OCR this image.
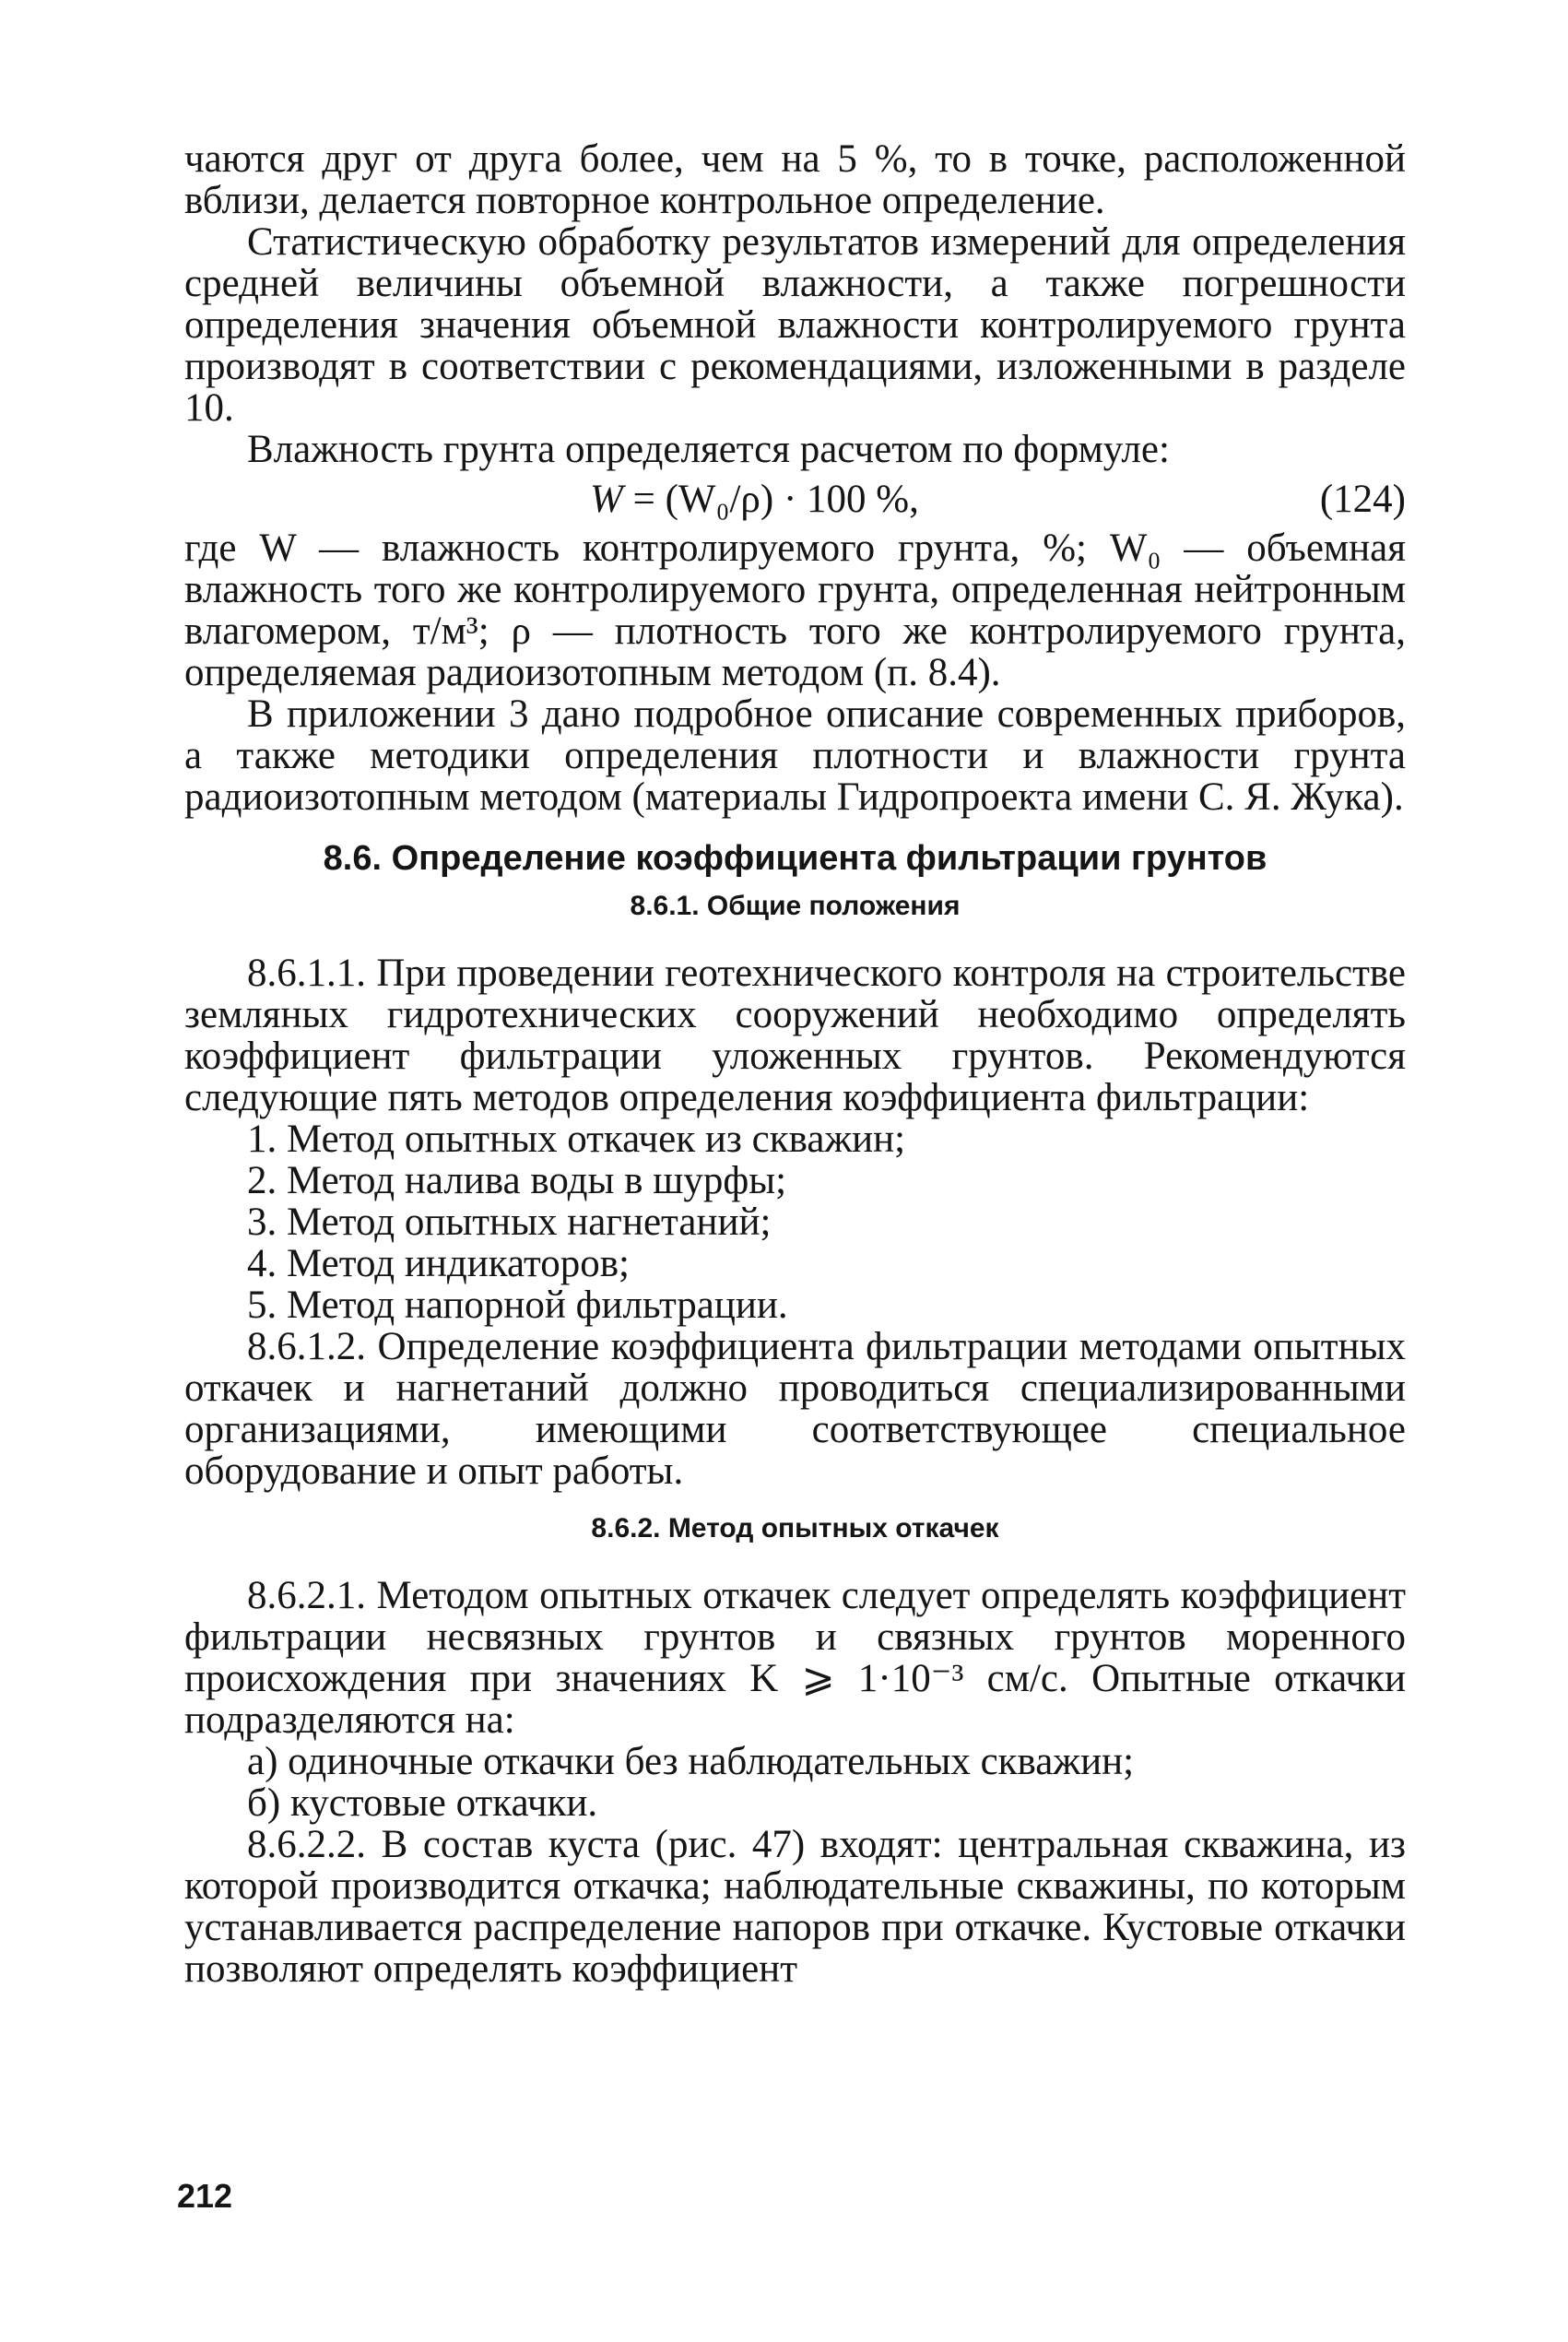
чаются друг от друга более, чем на 5 %, то в точке, расположенной вблизи, делается повторное контрольное определение.

Статистическую обработку результатов измерений для определения средней величины объемной влажности, а также погрешности определения значения объемной влажности контролируемого грунта производят в соответствии с рекомендациями, изложенными в разделе 10.

Влажность грунта определяется расчетом по формуле:

W = (W₀/ρ) · 100 %,	(124)

где W — влажность контролируемого грунта, %; W₀ — объемная влажность того же контролируемого грунта, определенная нейтронным влагомером, т/м³; ρ — плотность того же контролируемого грунта, определяемая радиоизотопным методом (п. 8.4).

В приложении 3 дано подробное описание современных приборов, а также методики определения плотности и влажности грунта радиоизотопным методом (материалы Гидропроекта имени С. Я. Жука).

8.6. Определение коэффициента фильтрации грунтов
8.6.1. Общие положения

8.6.1.1. При проведении геотехнического контроля на строительстве земляных гидротехнических сооружений необходимо определять коэффициент фильтрации уложенных грунтов. Рекомендуются следующие пять методов определения коэффициента фильтрации:

1. Метод опытных откачек из скважин;

2. Метод налива воды в шурфы;

3. Метод опытных нагнетаний;

4. Метод индикаторов;

5. Метод напорной фильтрации.

8.6.1.2. Определение коэффициента фильтрации методами опытных откачек и нагнетаний должно проводиться специализированными организациями, имеющими соответствующее специальное оборудование и опыт работы.

8.6.2. Метод опытных откачек

8.6.2.1. Методом опытных откачек следует определять коэффициент фильтрации несвязных грунтов и связных грунтов моренного происхождения при значениях K ⩾ 1·10⁻³ см/с. Опытные откачки подразделяются на:

а) одиночные откачки без наблюдательных скважин;

б) кустовые откачки.

8.6.2.2. В состав куста (рис. 47) входят: центральная скважина, из которой производится откачка; наблюдательные скважины, по которым устанавливается распределение напоров при откачке. Кустовые откачки позволяют определять коэффициент

212
